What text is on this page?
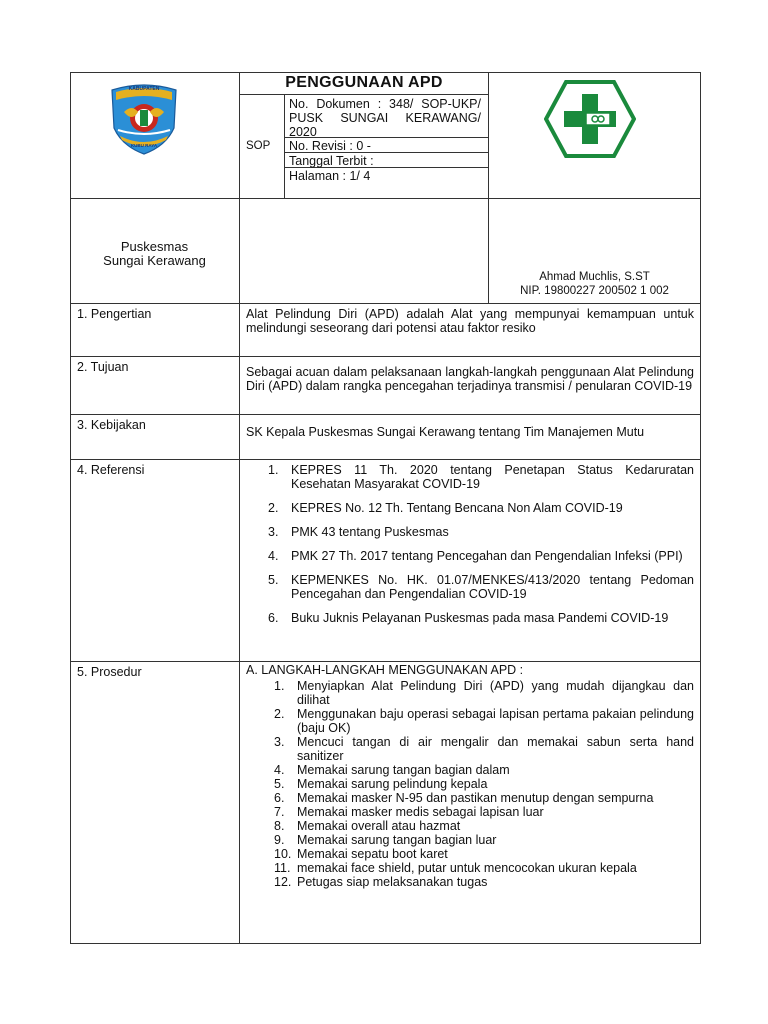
KABUPATEN
KUBU RAYA
PENGGUNAAN APD
SOP
No. Dokumen : 348/ SOP-UKP/ PUSK SUNGAI KERAWANG/ 2020
No. Revisi : 0 -
Tanggal Terbit :
Halaman : 1/ 4
Puskesmas
Sungai Kerawang
Ahmad Muchlis, S.ST
NIP. 19800227 200502 1 002
1. Pengertian	Alat Pelindung Diri (APD) adalah Alat yang mempunyai kemampuan untuk melindungi seseorang dari potensi atau faktor resiko
2. Tujuan	Sebagai acuan dalam pelaksanaan langkah-langkah penggunaan Alat Pelindung Diri (APD) dalam rangka pencegahan terjadinya transmisi / penularan COVID-19
3. Kebijakan	SK Kepala Puskesmas Sungai Kerawang tentang Tim Manajemen Mutu
4. Referensi	1. KEPRES 11 Th. 2020 tentang Penetapan Status Kedaruratan Kesehatan Masyarakat COVID-19
2. KEPRES No. 12 Th. Tentang Bencana Non Alam COVID-19
3. PMK 43 tentang Puskesmas
4. PMK 27 Th. 2017 tentang Pencegahan dan Pengendalian Infeksi (PPI)
5. KEPMENKES No. HK. 01.07/MENKES/413/2020 tentang Pedoman Pencegahan dan Pengendalian COVID-19
6. Buku Juknis Pelayanan Puskesmas pada masa Pandemi COVID-19
5. Prosedur	A. LANGKAH-LANGKAH MENGGUNAKAN APD :
1. Menyiapkan Alat Pelindung Diri (APD) yang mudah dijangkau dan dilihat
2. Menggunakan baju operasi sebagai lapisan pertama pakaian pelindung (baju OK)
3. Mencuci tangan di air mengalir dan memakai sabun serta hand sanitizer
4. Memakai sarung tangan bagian dalam
5. Memakai sarung pelindung kepala
6. Memakai masker N-95 dan pastikan menutup dengan sempurna
7. Memakai masker medis sebagai lapisan luar
8. Memakai overall atau hazmat
9. Memakai sarung tangan bagian luar
10. Memakai sepatu boot karet
11. memakai face shield, putar untuk mencocokan ukuran kepala
12. Petugas siap melaksanakan tugas
